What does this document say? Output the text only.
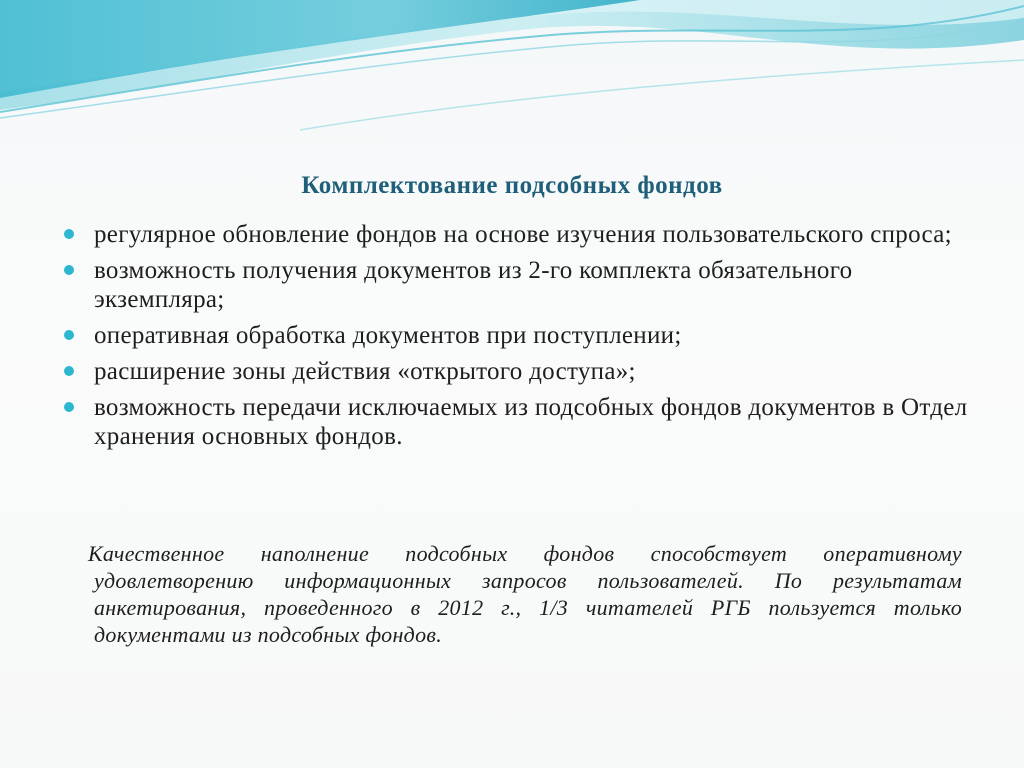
Комплектование подсобных фондов
регулярное обновление фондов на основе изучения пользовательского спроса;
возможность получения документов из 2-го комплекта обязательного экземпляра;
оперативная обработка документов при поступлении;
расширение зоны действия «открытого доступа»;
возможность передачи исключаемых из подсобных фондов документов в Отдел хранения основных фондов.

Качественное наполнение подсобных фондов способствует оперативному удовлетворению информационных запросов пользователей. По результатам анкетирования, проведенного в 2012 г., 1/3 читателей РГБ пользуется только документами из подсобных фондов.
